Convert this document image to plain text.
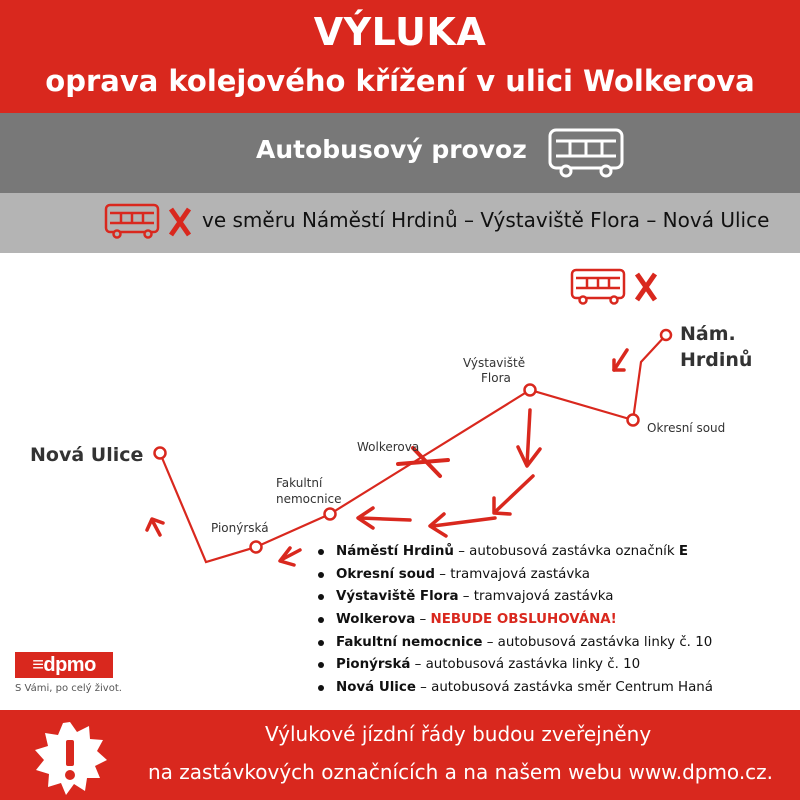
VÝLUKA
oprava kolejového křížení v ulici Wolkerova
Autobusový provoz
ve směru Náměstí Hrdinů – Výstaviště Flora – Nová Ulice
Nám.
Hrdinů
Okresní soud
Výstaviště
Flora
Wolkerova
Fakultní
nemocnice
Pionýrská
Nová Ulice
Náměstí Hrdinů – autobusová zastávka označník E
Okresní soud – tramvajová zastávka
Výstaviště Flora – tramvajová zastávka
Wolkerova – NEBUDE OBSLUHOVÁNA!
Fakultní nemocnice – autobusová zastávka linky č. 10
Pionýrská – autobusová zastávka linky č. 10
Nová Ulice – autobusová zastávka směr Centrum Haná
≡dpmo
S Vámi, po celý život.
Výlukové jízdní řády budou zveřejněny
na zastávkových označnících a na našem webu www.dpmo.cz.
